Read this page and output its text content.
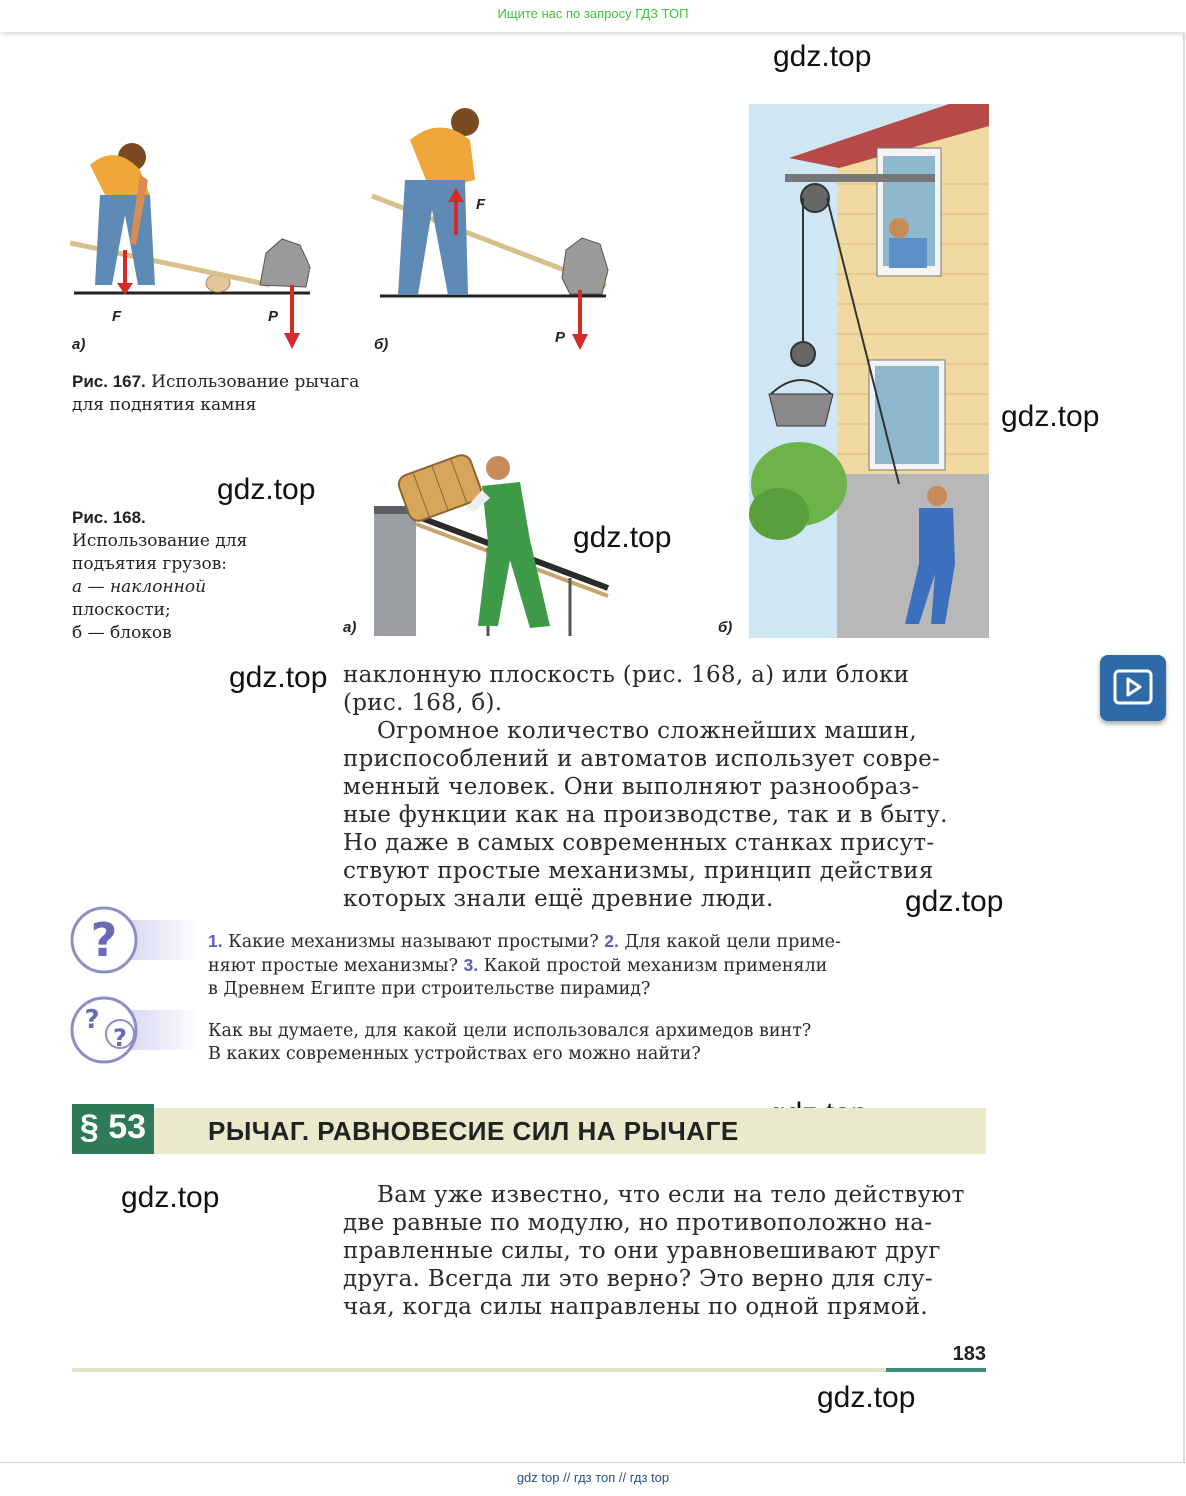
Ищите нас по запросу ГДЗ ТОП
gdz.top
gdz.top
gdz.top
gdz.top
gdz.top
gdz.top
gdz.top
gdz.top
F	P
а)
F
P
б)
Рис. 167. Использование рычага
для поднятия камня
Рис. 168.
Использование для
подъятия грузов:
а — наклонной
плоскости;
б — блоков	а)	б)
наклонную плоскость (рис. 168, а) или блоки
(рис. 168, б).
Огромное количество сложнейших машин,
приспособлений и автоматов использует совре-
менный человек. Они выполняют разнообраз-
ные функции как на производстве, так и в быту.
Но даже в самых современных станках присут-
ствуют простые механизмы, принцип действия
которых знали ещё древние люди.
?	1. Какие механизмы называют простыми? 2. Для какой цели приме-
няют простые механизмы? 3. Какой простой механизм применяли
в Древнем Египте при строительстве пирамид?
?
?	Как вы думаете, для какой цели использовался архимедов винт?
В каких современных устройствах его можно найти?
§ 53	РЫЧАГ. РАВНОВЕСИЕ СИЛ НА РЫЧАГЕ
Вам уже известно, что если на тело действуют
две равные по модулю, но противоположно на-
правленные силы, то они уравновешивают друг
друга. Всегда ли это верно? Это верно для слу-
чая, когда силы направлены по одной прямой.
183
gdz top // гдз топ // гдз top
